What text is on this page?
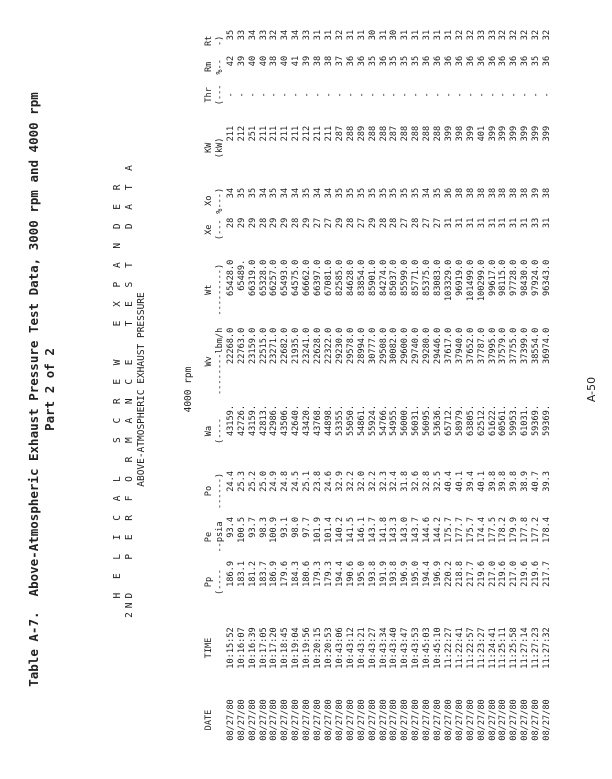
Table A-7.  Above-Atmospheric Exhaust Pressure Test Data, 3000 rpm and 4000 rpm Part 2 of 2	H E L I C A L   S C R E W   E X P A N D E R 2ND   P E R F O R M A N C E   T E S T   D A T A ABOVE-ATMOSPHERIC EXHAUST PRESSURE	4000 rpm
DATE	TIME	Pp (----	Pe --psia	Po ------)	Wa (----	Wv --------lbm/h	Wt ---------)	Xe (---	Xo %---)	KW (kW)	Thr (---	Rm %--	Rt -)

08/27/80	10:15:52	186.9	93.4	24.4	43159.	22268.0	65428.0	28	34	211	-	42	35
08/27/80	10:16:07	183.1	100.5	25.3	42726.	22763.0	65489.	29	35	212	-	39	33
08/27/80	10:16:39	181.2	93.7	25.2	43159.	23159.0	66319.0	29	35	251	-	40	34
08/27/80	10:17:05	183.7	98.3	25.0	42813.	22515.0	65328.0	28	34	211	-	40	33
08/27/80	10:17:20	186.9	100.9	24.9	42986.	23271.0	66257.0	29	35	211	-	38	32
08/27/80	10:18:45	179.6	93.1	24.8	43506.	22682.0	65493.0	29	34	211	-	40	34
08/27/80	10:19:04	184.3	98.0	24.5	42640.	21935.0	64575.0	28	34	211	-	41	34
08/27/80	10:19:56	180.6	97.7	25.1	43420.	23241.0	66662.0	29	35	212	-	39	33
08/27/80	10:20:15	179.3	101.9	23.8	43768.	22628.0	66397.0	27	34	211	-	38	31
08/27/80	10:20:53	179.3	101.4	24.6	44898.	22322.0	67081.0	27	34	211	-	38	31
08/27/80	10:43:06	194.4	140.2	32.9	53355.	29230.0	82585.0	29	35	287	-	37	32
08/27/80	10:43:12	190.6	141.5	32.2	55050.	29578.0	84628.0	28	35	288	-	36	31
08/27/80	10:43:21	195.0	146.1	32.0	54861.	28994.0	83854.0	27	35	289	-	36	31
08/27/80	10:43:27	193.8	143.7	32.2	55924.	30777.0	85901.0	29	35	288	-	35	30
08/27/80	10:43:34	191.9	141.8	32.3	54766.	29508.0	84274.0	28	35	288	-	36	31
08/27/80	10:43:40	193.8	143.3	32.4	54955.	30082.0	85037.0	28	35	287	-	35	30
08/27/80	10:43:47	196.9	143.0	31.8	56000.	29600.0	85599.0	27	35	288	-	35	31
08/27/80	10:43:53	195.0	143.7	32.6	56031.	29740.0	85771.0	28	35	288	-	35	31
08/27/80	10:45:03	194.4	144.6	32.8	56095.	29280.0	85375.0	27	34	288	-	36	31
08/27/80	10:45:10	196.9	144.2	32.5	53636.	29446.0	83083.0	27	35	288	-	36	31
08/27/80	11:22:27	220.2	175.7	40.4	65712.	37617.0	103329.0	31	36	399	-	36	31
08/27/80	11:22:41	218.8	177.7	40.1	58979.	37940.0	96919.0	31	38	398	-	36	32
08/27/80	11:22:57	217.7	175.7	39.4	63805.	37652.0	101499.0	31	38	399	-	36	32
08/27/80	11:23:27	219.6	174.4	40.1	62512.	37787.0	100299.0	31	38	401	-	36	33
08/27/80	11:24:41	217.0	177.5	39.8	61622.	37995.0	99617.0	31	38	399	-	36	33
08/27/80	11:25:11	219.6	178.2	39.8	60561.	37579.0	98115.0	31	38	399	-	36	32
08/27/80	11:25:58	217.0	179.9	39.8	59953.	37755.0	97728.0	31	38	399	-	36	32
08/27/80	11:27:14	219.6	177.8	38.9	61031.	37399.0	98430.0	31	38	399	-	36	32
08/27/80	11:27:23	219.6	177.2	40.7	59369.	38554.0	97924.0	33	39	399	-	35	32
08/27/80	11:27:32	217.7	178.4	39.3	59369.	36974.0	96343.0	31	38	399	-	36	32
A-50
